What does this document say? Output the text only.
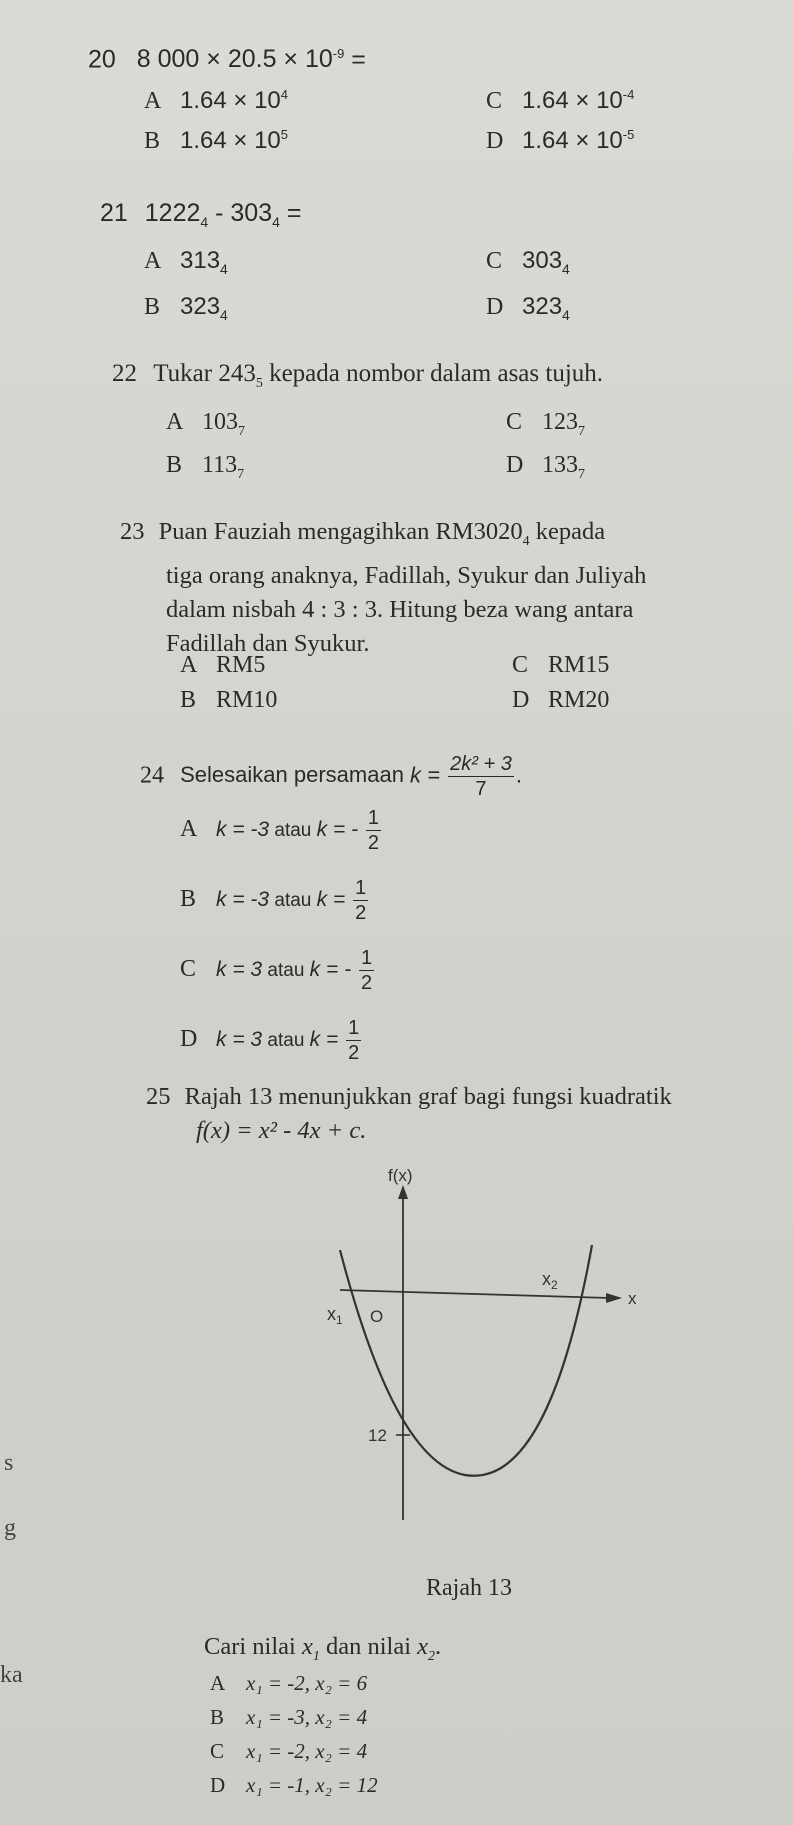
20 8 $000 \times 20.5 \times 10^{-9}$ =
A $1.64 \times 10^4$
B $1.64 \times 10^5$
C $1.64 \times 10^{-4}$
D $1.64 \times 10^{-5}$
21 $1222_4 - 303_4$ =
A $313_4$
B $323_4$
C $303_4$
D $323_4$
22 Tukar $243_5$ kepada nombor dalam asas tujuh.
A $103_7$
B $113_7$
C $123_7$
D $133_7$
23 Puan Fauziah mengagihkan $RM3020_4$ kepada
tiga orang anaknya, Fadillah, Syukur dan Juliyah
dalam nisbah 4 : 3 : 3. Hitung beza wang antara
Fadillah dan Syukur.
A RM5
B RM10
C RM15
D RM20
24 Selesaikan persamaan $k = \frac{\text{2k² + 3}}{7}$ .
A k = -3 atau k = - $\frac{1}{2}$
B k = -3 atau $k = \frac{1}{2}$
C k = 3 atau k = - $\frac{1}{2}$
D k = 3 atau $k = \frac{1}{2}$
25 Rajah 13 menunjukkan graf bagi fungsi kuadratik
f(x) = x² - 4x + c.
f(x)
x
$x_1$
$x_2$
O
12
Rajah 13
Cari nilai $x_1$ dan nilai $x_2$.
A x₁ = -2, x₂ = 6
B x₁ = -3, x₂ = 4
C x₁ = -2, x₂ = 4
D x₁ = -1, x₂ = 12
s
g
ka
